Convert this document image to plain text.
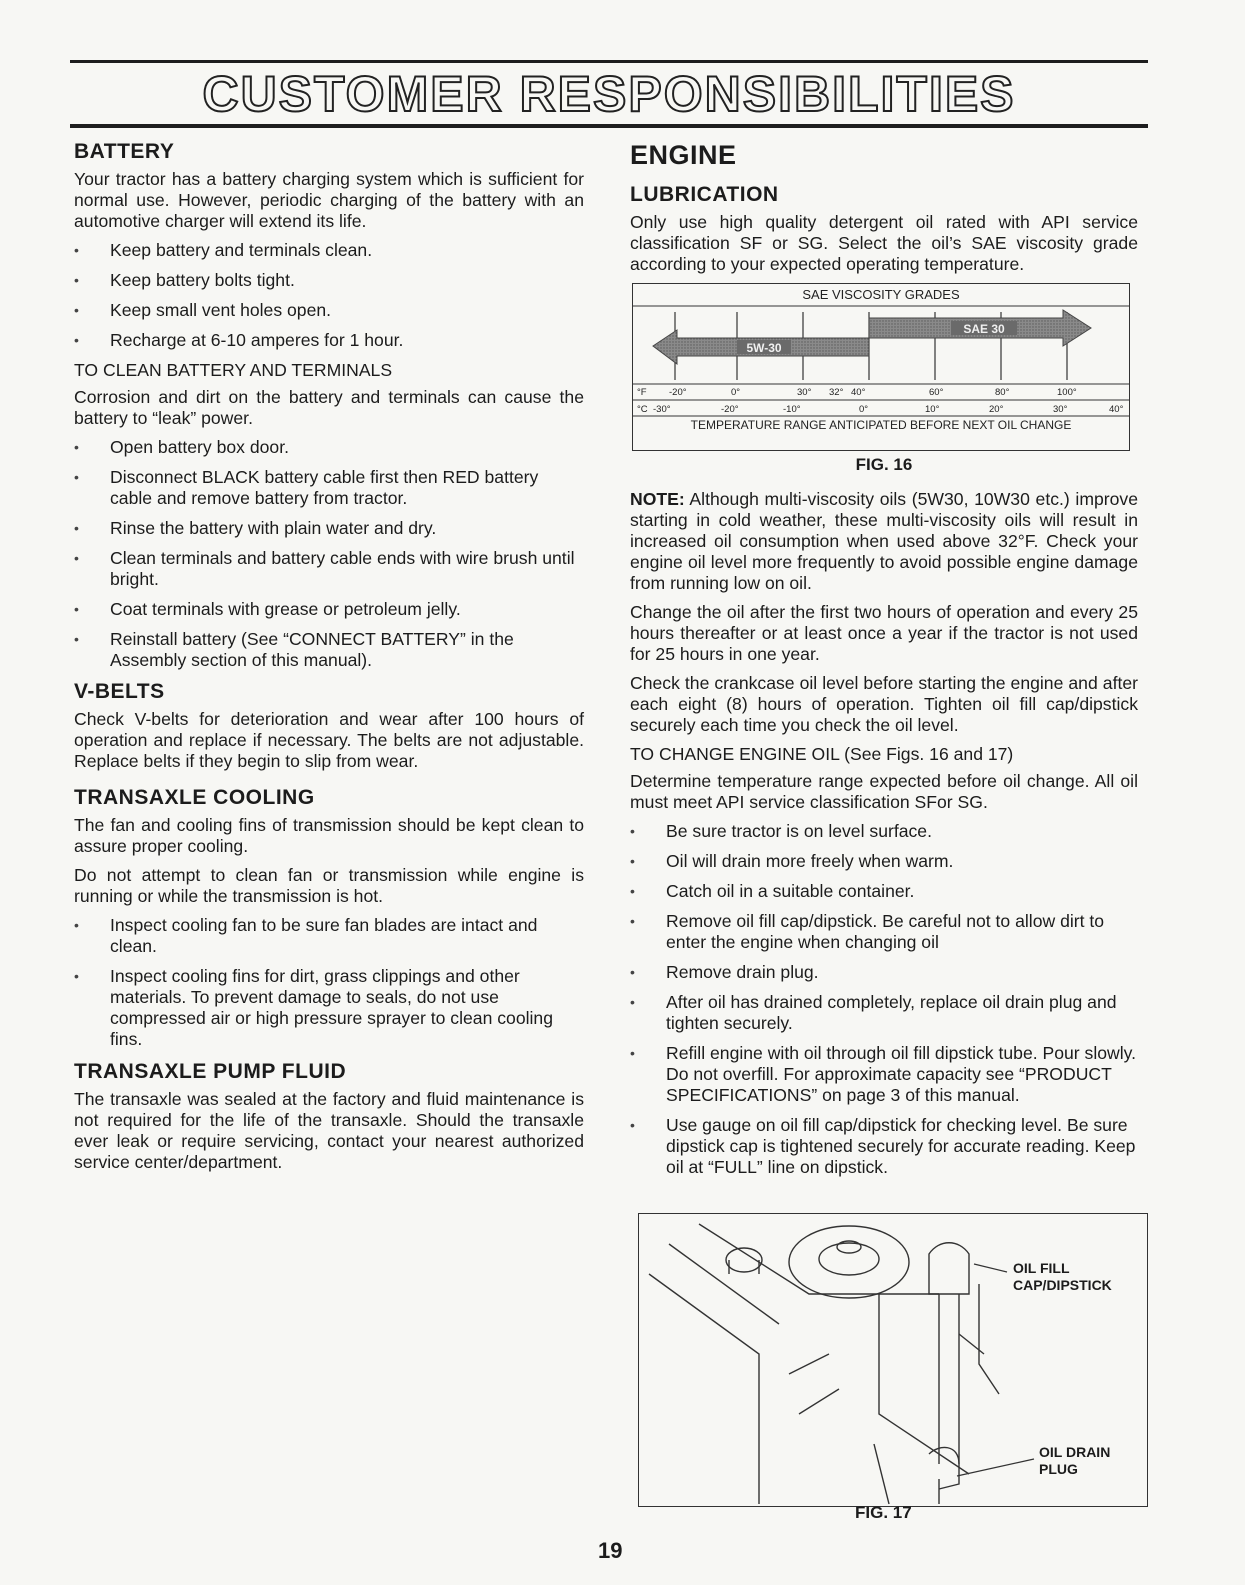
CUSTOMER RESPONSIBILITIES
BATTERY

Your tractor has a battery charging system which is sufficient for normal use. However, periodic charging of the battery with an automotive charger will extend its life.

• Keep battery and terminals clean.
• Keep battery bolts tight.
• Keep small vent holes open.
• Recharge at 6-10 amperes for 1 hour.
TO CLEAN BATTERY AND TERMINALS

Corrosion and dirt on the battery and terminals can cause the battery to “leak” power.

• Open battery box door.
• Disconnect BLACK battery cable first then RED battery cable and remove battery from tractor.
• Rinse the battery with plain water and dry.
• Clean terminals and battery cable ends with wire brush until bright.
• Coat terminals with grease or petroleum jelly.
• Reinstall battery (See “CONNECT BATTERY” in the Assembly section of this manual).
V-BELTS

Check V-belts for deterioration and wear after 100 hours of operation and replace if necessary. The belts are not adjustable. Replace belts if they begin to slip from wear.

TRANSAXLE COOLING

The fan and cooling fins of transmission should be kept clean to assure proper cooling.

Do not attempt to clean fan or transmission while engine is running or while the transmission is hot.

• Inspect cooling fan to be sure fan blades are intact and clean.
• Inspect cooling fins for dirt, grass clippings and other materials. To prevent damage to seals, do not use compressed air or high pressure sprayer to clean cooling fins.
TRANSAXLE PUMP FLUID

The transaxle was sealed at the factory and fluid maintenance is not required for the life of the transaxle. Should the transaxle ever leak or require servicing, contact your nearest authorized service center/department.

ENGINE
LUBRICATION

Only use high quality detergent oil rated with API service classification SF or SG. Select the oil’s SAE viscosity grade according to your expected operating temperature.

SAE VISCOSITY GRADES
5W-30
SAE 30
°F -20°	0°	30° 32° 40°	60°	80°	100°
°C -30°	-20°	-10°	0°	10°	20°	30°	40°
TEMPERATURE RANGE ANTICIPATED BEFORE NEXT OIL CHANGE
FIG. 16

NOTE: Although multi-viscosity oils (5W30, 10W30 etc.) improve starting in cold weather, these multi-viscosity oils will result in increased oil consumption when used above 32°F. Check your engine oil level more frequently to avoid possible engine damage from running low on oil.

Change the oil after the first two hours of operation and every 25 hours thereafter or at least once a year if the tractor is not used for 25 hours in one year.

Check the crankcase oil level before starting the engine and after each eight (8) hours of operation. Tighten oil fill cap/dipstick securely each time you check the oil level.

TO CHANGE ENGINE OIL (See Figs. 16 and 17)

Determine temperature range expected before oil change. All oil must meet API service classification SFor SG.

• Be sure tractor is on level surface.
• Oil will drain more freely when warm.
• Catch oil in a suitable container.
• Remove oil fill cap/dipstick. Be careful not to allow dirt to enter the engine when changing oil
• Remove drain plug.
• After oil has drained completely, replace oil drain plug and tighten securely.
• Refill engine with oil through oil fill dipstick tube. Pour slowly. Do not overfill. For approximate capacity see “PRODUCT SPECIFICATIONS” on page 3 of this manual.
• Use gauge on oil fill cap/dipstick for checking level. Be sure dipstick cap is tightened securely for accurate reading. Keep oil at “FULL” line on dipstick.
OIL FILL
CAP/DIPSTICK
OIL DRAIN
PLUG
FIG. 17
19
